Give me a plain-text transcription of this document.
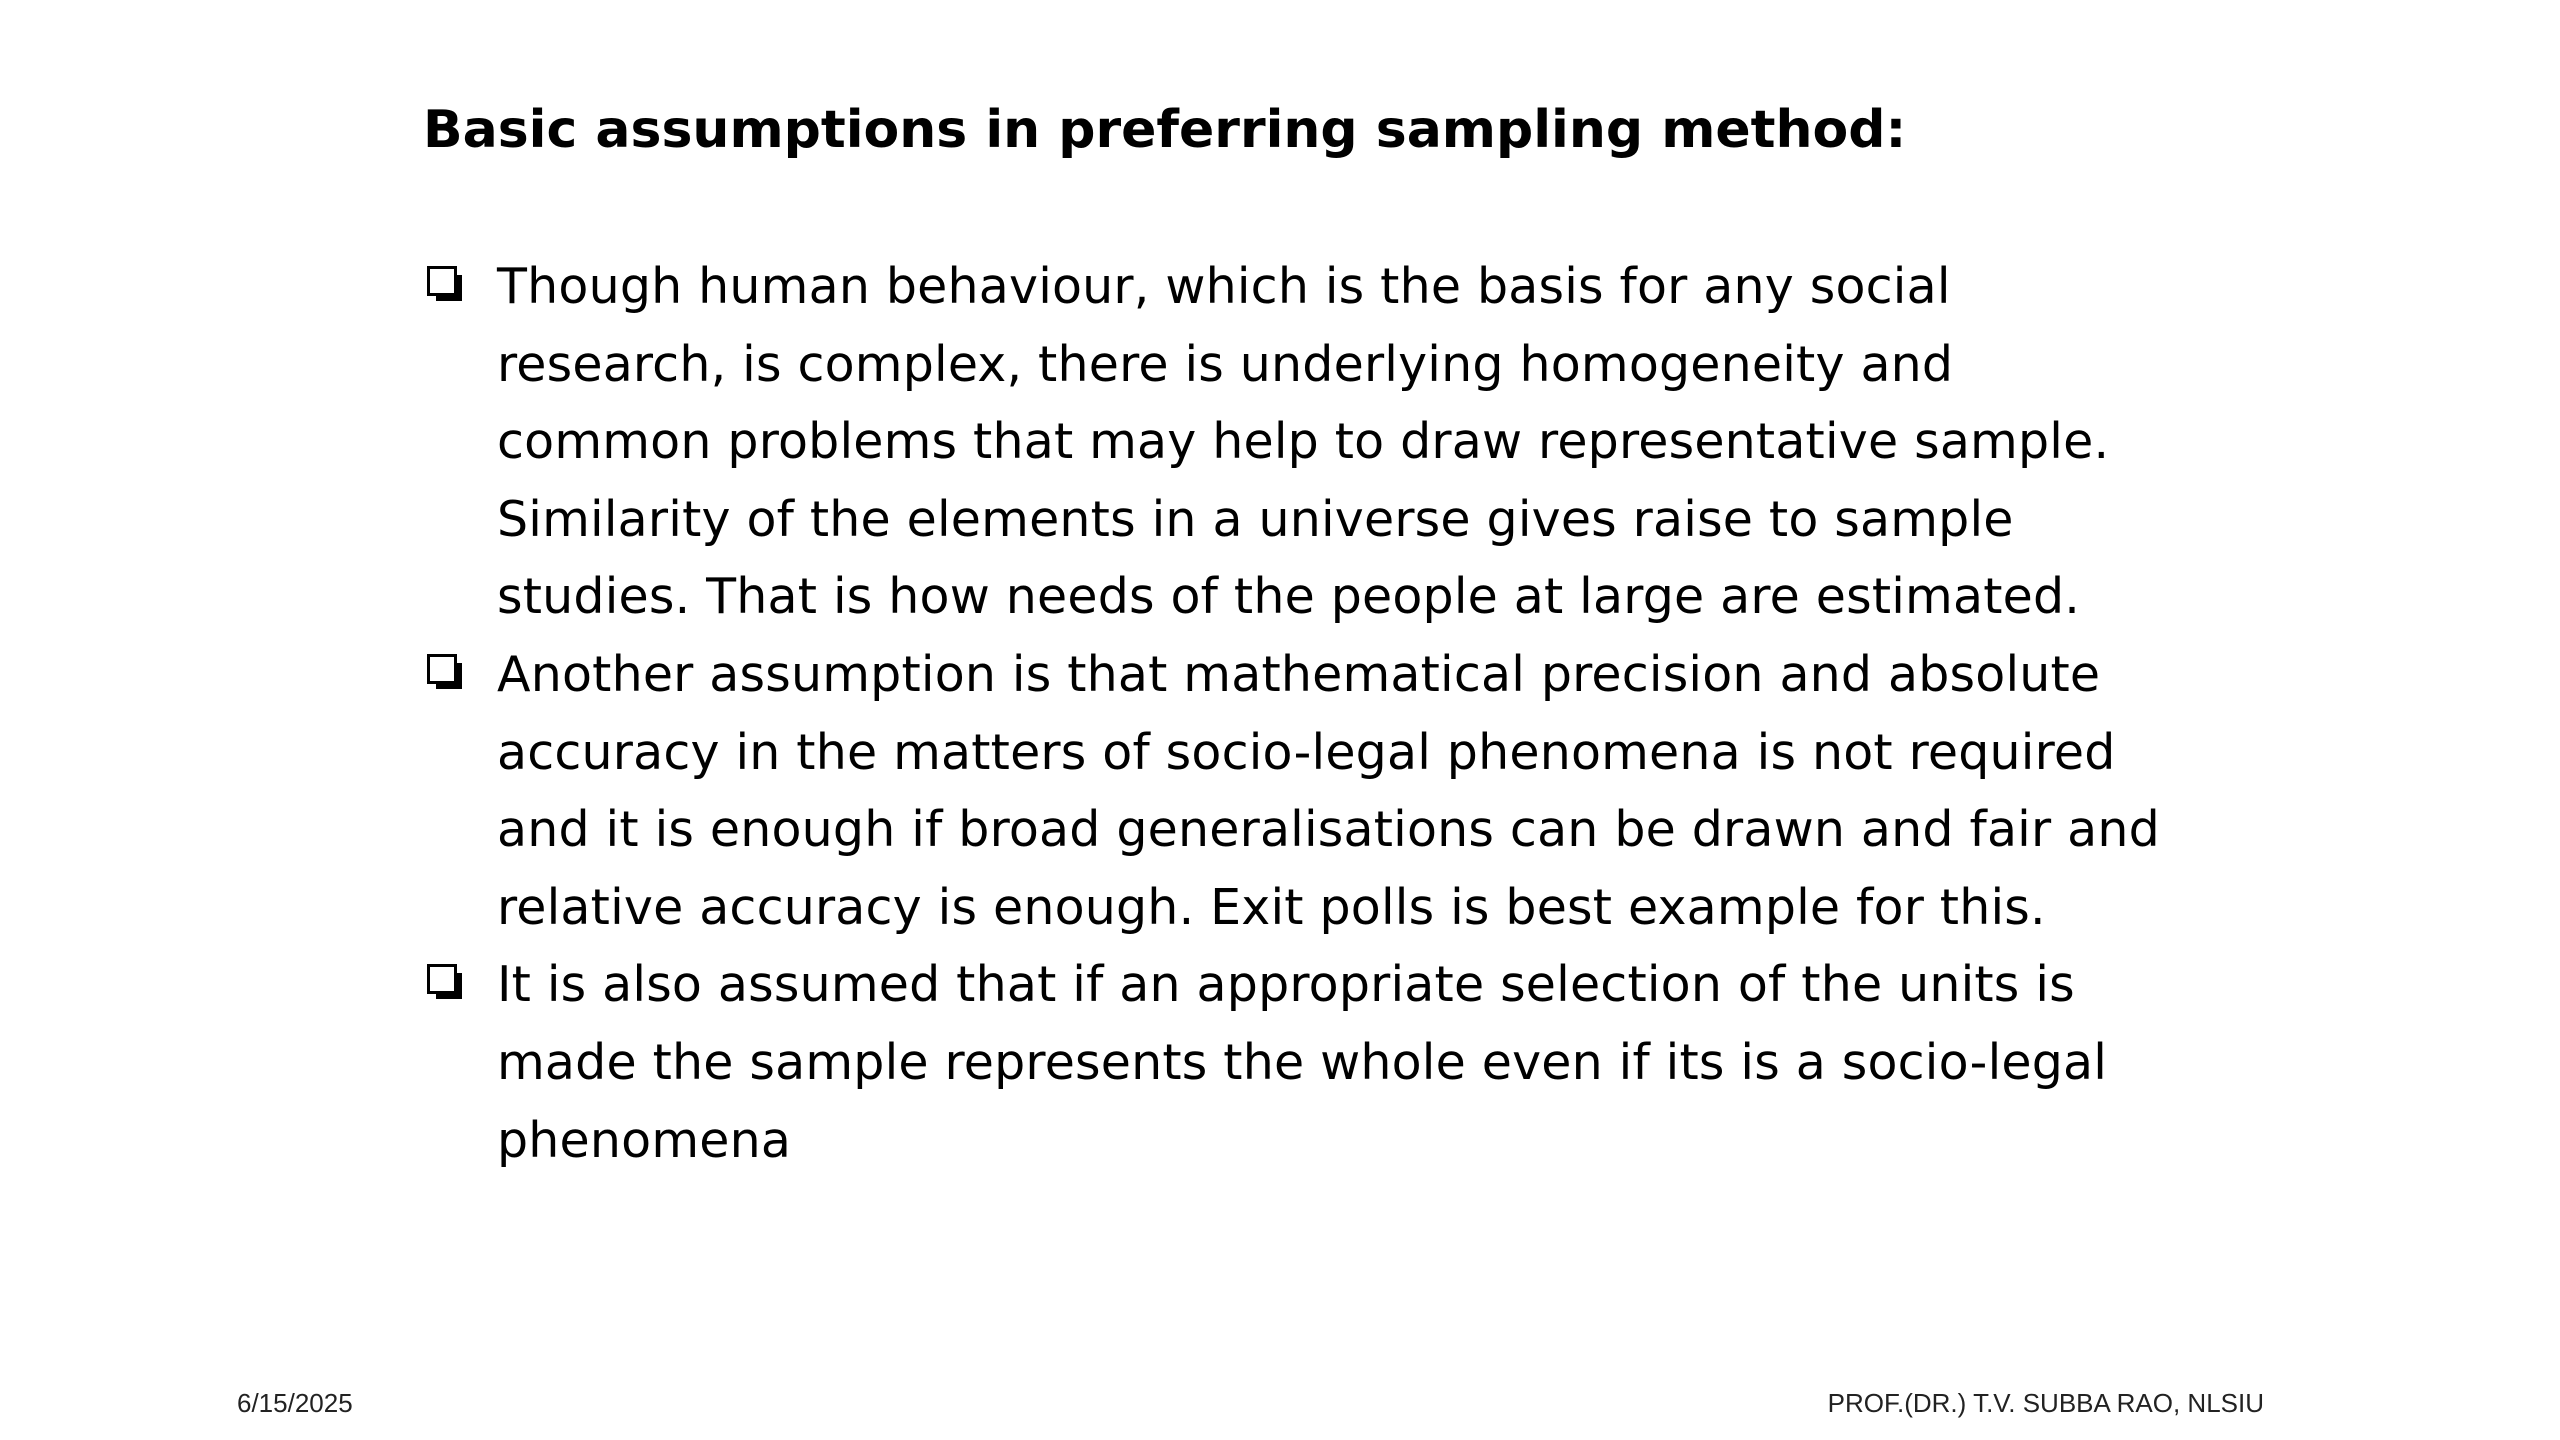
Basic assumptions in preferring sampling method:
Though human behaviour, which is the basis for any social research, is complex, there is underlying homogeneity and common problems that may help to draw representative sample. Similarity of the elements in a universe gives raise to sample studies. That is how needs of the people at large are estimated.
Another assumption is that mathematical precision and absolute accuracy in the matters of socio-legal phenomena is not required and it is enough if broad generalisations can be drawn and fair and relative accuracy is enough. Exit polls is best example for this.
It is also assumed that if an appropriate selection of the units is made the sample represents the whole even if its is a socio-legal phenomena
6/15/2025	PROF.(DR.) T.V. SUBBA RAO, NLSIU
